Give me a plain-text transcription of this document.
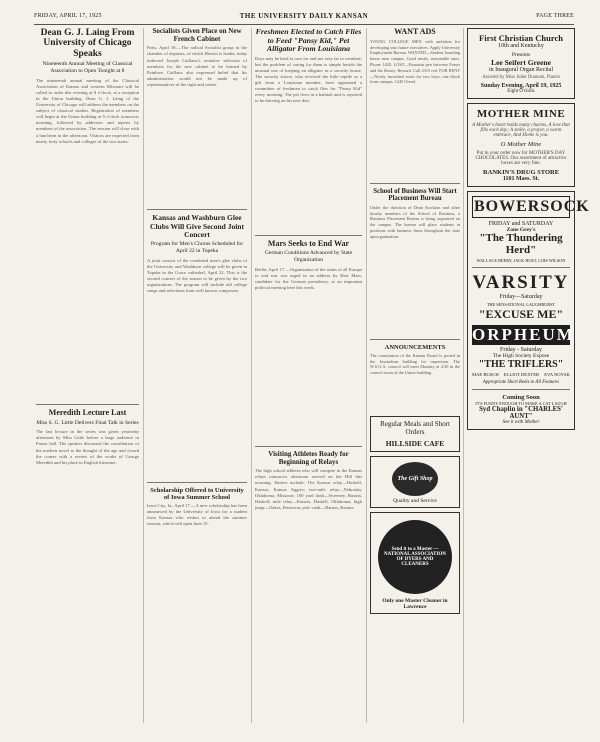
FRIDAY, APRIL 17, 1925	THE UNIVERSITY DAILY KANSAN	PAGE THREE
Dean G. J. Laing From University of Chicago Speaks
Nineteenth Annual Meeting of Classical Association to Open Tonight at 8
The nineteenth annual meeting of the Classical Association of Kansas and western Missouri will be called to order this evening at 8 o'clock, at a reception in the Union building. Dean G. J. Laing of the University of Chicago will address the members on the subject of classical studies. Registration of members will begin at the Union building at 9 o'clock tomorrow morning, followed by addresses and reports by members of the association. The session will close with a luncheon in the afternoon. Visitors are expected from nearly forty schools and colleges of the two states.
Meredith Lecture Last
Miss S. G. Little Delivers Final Talk in Series
The last lecture in the series was given yesterday afternoon by Miss Little before a large audience in Fraser hall. The speaker discussed the contribution of the modern novel to the thought of the age and closed the course with a review of the works of George Meredith and his place in English literature.
Socialists Given Place on New French Cabinet
Paris, April 16.—The radical Socialist group in the chamber of deputies, of which Herriot is leader, today indorsed Joseph Caillaux's tentative selection of members for the new cabinet to be formed by Painleve. Caillaux also expressed belief that his administration would not be made up of representatives of the right and center.
Kansas and Washburn Glee Clubs Will Give Second Joint Concert
Program for Men's Chorus Scheduled for April 22 in Topeka
A joint concert of the combined men's glee clubs of the University and Washburn college will be given in Topeka in the Grace cathedral, April 22. This is the second concert of the season to be given by the two organizations. The program will include old college songs and selections from well known composers.
Scholarship Offered to University of Iowa Summer School
Iowa City, Ia., April 17.—A new scholarship has been announced by the University of Iowa for a student from Kansas who wishes to attend the summer session, which will open June 15.
Freshmen Elected to Catch Flies to Feed "Pansy Kid," Pet Alligator From Louisiana
Days may be hard to care for and not very far to ventilate, but the problem of caring for them is simple beside the unusual one of keeping an alligator in a sorority house. The sorority sisters, who received the little reptile as a gift from a Louisiana member, have appointed a committee of freshmen to catch flies for "Pansy Kid" every morning. The pet lives in a bathtub and is reported to be thriving on his new diet.
Mars Seeks to End War
German Conditions Advanced by State Organization
Berlin, April 17.—Organization of the states of all Europe to end war was urged in an address by Herr Mars, candidate for the German presidency, at an important political meeting here this week.
Visiting Athletes Ready for Beginning of Relays
The high school athletes who will compete in the Kansas relays tomorrow afternoon arrived on the Hill this morning. Entries include: The Kansas relay—Haskell, Kansas, Kansas Aggies; two-mile relay—Nebraska, Oklahoma, Missouri; 100 yard dash—Sweeney, Ruston, Haskell; mile relay—Kansas, Haskell, Oklahoma; high jump—Oakes, Petterson; pole vault—Barnes, Kearns.
WANT ADS
YOUNG COLLEGE MEN with ambition for developing into future executives. Apply University Employment Bureau. WANTED—Student boarding house near campus. Good meals, reasonable rates. Phone 1420. LOST—Fountain pen between Fraser and the library. Reward. Call 2315 red. FOR RENT—Nicely furnished room for two boys, one block from campus. 1245 Oread.
School of Business Will Start Placement Bureau
Under the direction of Dean Stockton and other faculty members of the School of Business, a Business Placement Bureau is being organized on the campus. The bureau will place students in positions with business firms throughout the state upon graduation.
ANNOUNCEMENTS
The constitution of the Kansan Board is posted in the Journalism building for inspection. The W.S.G.A. council will meet Monday at 4:30 in the council room of the Union building.
Regular Meals and Short Orders
HILLSIDE CAFE
The Gift Shop
Quality and Service
Send it to a Master — NATIONAL ASSOCIATION OF DYERS AND CLEANERS
Only one Master Cleaner in Lawrence
First Christian Church
10th and Kentucky
Presents
Lee Seifert Greene
in Inaugural Organ Recital
Assisted by Miss Juliet Dunnam, Pianist
Sunday Evening, April 19, 1925
Eight O'clock
MOTHER MINE
A Mother's heart holds many charms, A love that fills each day; A smile, a prayer, a warm embrace, And Home is you.
O Mother Mine
Put in your order now for MOTHER'S DAY CHOCOLATES. Our assortment of attractive boxes are very fine.
RANKIN'S DRUG STORE
1101 Mass. St.
BOWERSOCK
FRIDAY and SATURDAY
Zane Grey's
"The Thundering Herd"
WALLACE BEERY, JACK HOLT, LOIS WILSON
VARSITY
Friday—Saturday
THE SENSATIONAL LAUGHBURST
"EXCUSE ME"
ORPHEUM
Friday - Saturday
The High Society Expose
"THE TRIFLERS"
MAE BUSCH ELLIOT DEXTER EVA NOVAK
Appropriate Short Reels to All Features
Coming Soon
IT'S FUNNY ENOUGH TO MAKE A CAT LAUGH
Syd Chaplin in "CHARLES' AUNT"
See it with Mother
